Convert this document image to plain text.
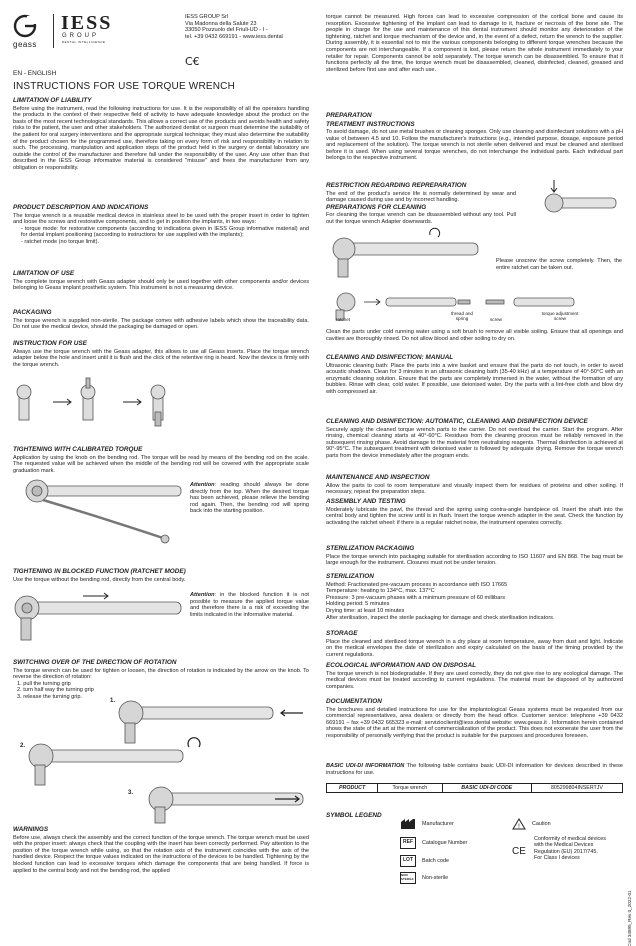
geass
IESS
GROUP
DENTAL INTELLIGENCE
IESS GROUP Srl
Via Madonna della Salute 23
33050 Pozzuolo del Friuli-UD - I -
tel. +39 0432 669191 - www.iess.dental
C€
EN - ENGLISH
INSTRUCTIONS FOR USE TORQUE WRENCH
LIMITATION OF LIABILITY

Before using the instrument, read the following instructions for use. It is the responsibility of all the operators handling the products in the context of their respective field of activity to have adequate knowledge about the product on the basis of the most recent technological standards. This allows a correct use of the products and avoids health and safety risks to the patient, the user and other stakeholders. The authorized dentist or surgeon must determine the suitability of the patient for oral surgery interventions and the appropriate surgical technique; they must also determine the suitability of the product chosen for the programmed use, therefore taking on every form of risk and responsibility in relation to such. The processing, manipulation and application steps of the product held in the surgery or dental laboratory are outside the control of the manufacturer and therefore fall under the responsibility of the user. Any use other than that described in the IESS Group informative material is considered "misuse" and frees the manufacturer from any obligation or responsibility.

PRODUCT DESCRIPTION AND INDICATIONS

The torque wrench is a reusable medical device in stainless steel to be used with the proper insert in order to tighten and loose the screws and restorative components, and to get in position the implants, in two ways:

- torque mode: for restorative components (according to indications given in IESS Group informative material) and for dental implant positioning (according to instructions for use supplied with the implants);

- ratchet mode (no torque limit).

LIMITATION OF USE

The complete torque wrench with Geass adapter should only be used together with other components and/or devices belonging to Geass implant prosthetic system. This instrument is not a measuring device.

PACKAGING

The torque wrench is supplied non-sterile. The package comes with adhesive labels which show the traceability data. Do not use the medical device, should the packaging be damaged or open.

INSTRUCTION FOR USE

Always use the torque wrench with the Geass adapter, this allows to use all Geass inserts. Place the torque wrench adapter below the hole and insert until it is flush and the click of the retentive ring is heard. Now the device is firmly with the torque wrench.

TIGHTENING WITH CALIBRATED TORQUE

Application by using the knob on the bending rod. The torque will be read by means of the bending rod on the scale. The requested value will be achieved when the middle of the bending rod will be covered with the appropriate scale graduation mark.

Attention: reading should always be done directly from the top. When the desired torque has been achieved, please relieve the bending rod again. Then, the bending rod will spring back into the starting position.

TIGHTENING IN BLOCKED FUNCTION (RATCHET MODE)

Use the torque without the bending rod, directly from the central body.

Attention: in the blocked function it is not possible to measure the applied torque value and therefore there is a risk of exceeding the limits indicated in the informative material.

SWITCHING OVER OF THE DIRECTION OF ROTATION

The torque wrench can be used for tighten or loosen, the direction of rotation is indicated by the arrow on the knob. To reverse the direction of rotation:

1. pull the turning grip

2. turn half way the turning grip

3. release the turning grip.

1.
2.
3.
WARNINGS

Before use, always check the assembly and the correct function of the torque wrench. The torque wrench must be used with the proper insert: always check that the coupling with the insert has been correctly performed. Pay attention to the position of the torque wrench while using, so that the rotation axis of the instrument coincides with the axis of the handled device. Respect the torque values indicated on the instructions of the devices to be handled. Tightening by the blocked function can lead to excessive torques which damage the components that are being handled. If force is applied to the central body and not the bending rod, the applied

torque cannot be measured. High forces can lead to excessive compression of the cortical bone and cause its resorption. Excessive tightening of the implant can lead to damage to it, fracture or necrosis of the bone site. The people in charge for the use and maintenance of this dental instrument should monitor any deterioration of the tightening, ratchet and torque mechanism of the device and, in the event of a defect, return the wrench to the supplier. During assembly, it is essential not to mix the various components belonging to different torque wrenches because the components are not interchangeable. If a component is lost, please return the whole instrument immediately to your retailer for repair. Components cannot be sold separately. The torque wrench can be disassembled. To ensure that it functions perfectly all the time, the torque wrench must be disassembled, cleaned, disinfected, cleaned, greased and sterilized before first use and after each use.

PREPARATION
TREATMENT INSTRUCTIONS

To avoid damage, do not use metal brushes or cleaning sponges. Only use cleaning and disinfectant solutions with a pH value of between 4.5 and 10. Follow the manufacturer's instructions (e.g., intended purpose, dosage, exposure period and replacement of the solution). The torque wrench is not sterile when delivered and must be cleaned and sterilised before it is used. When using several torque wrenches, do not interchange the individual parts. Each individual part belongs to the respective instrument.

RESTRICTION REGARDING REPREPARATION

The end of the product's service life is normally determined by wear and damage caused during use and by incorrect handling.

PREPARATIONS FOR CLEANING

For cleaning the torque wrench can be disassembled without any tool. Pull out the torque wrench Adapter downwards.

Please unscrew the screw completely. Then, the entire ratchet can be taken out.

ratchet
thread and spring	screw
torque adjustment screw

Clean the parts under cold running water using a soft brush to remove all visible soiling. Ensure that all openings and cavities are thoroughly rinsed. Do not allow blood and other soiling to dry on.

CLEANING AND DISINFECTION: MANUAL

Ultrasonic cleaning bath: Place the parts into a wire basket and ensure that the parts do not touch, in order to avoid acoustic shadows. Clean for 3 minutes in an ultrasonic cleaning bath (35-40 kHz) at a temperature of 40°-50°C with an enzymatic cleaning solution. Ensure that the parts are completely immersed in the water, without the formation of any bubbles. Rinse with clear, cold water. If possible, use deionised water. Dry the parts with a lint-free cloth and blow dry with compressed air.

CLEANING AND DISINFECTION: AUTOMATIC, CLEANING AND DISINFECTION DEVICE

Securely apply the cleaned torque wrench parts to the carrier. Do not overload the carrier. Start the program. After rinsing, chemical cleaning starts at 40°-60°C. Residues from the cleaning process must be reliably removed in the subsequent rinsing phase. Avoid damage to the material from neutralising reagents. Thermal disinfection is achieved at 90°-95°C. The subsequent treatment with deionised water is followed by adequate drying. Remove the torque wrench parts from the device immediately after the program ends.

MAINTENANCE AND INSPECTION

Allow the parts to cool to room temperature and visually inspect them for residues of proteins and other soiling. If necessary, repeat the preparation steps.

ASSEMBLY AND TESTING

Moderately lubricate the pawl, the thread and the spring using contra-angle handpiece oil. Insert the shaft into the central body and tighten the screw until is in flush. Insert the torque wrench adapter in the seat. Check the function by activating the ratchet wheel: if there is a regular ratchet noise, the instrument operates correctly.

STERILIZATION PACKAGING

Place the torque wrench into packaging suitable for sterilisation according to ISO 11607 and EN 868. The bag must be large enough for the instrument. Closures must not be under tension.

STERILIZATION

Method: Fractionated pre-vacuum process in accordance with ISO 17665

Temperature: heating to 134°C, max. 137°C

Pressure: 3 pre-vacuum phases with a minimum pressure of 60 millibars

Holding period: 5 minutes

Drying time: at least 10 minutes

After sterilisation, inspect the sterile packaging for damage and check sterilisation indicators.

STORAGE

Place the cleaned and sterilized torque wrench in a dry place at room temperature, away from dust and light. Indicate on the medical envelopes the date of sterilization and expiry calculated on the basis of the timing provided by the current regulations.

ECOLOGICAL INFORMATION AND ON DISPOSAL

The torque wrench is not biodegradable. If they are used correctly, they do not give rise to any ecological damage. The medical devices must be treated according to current regulations. The material must be disposed of by authorized companies.

DOCUMENTATION

The brochures and detailed instructions for use for the implantological Geass systems must be requested from our commercial representatives, area dealers or directly from the head office. Customer service: telephone +39 0432 669191 – fax +39 0432 665323 e-mail: servizioclienti@iess.dental website: www.geass.it . Information herein contained shows the state of the art at the moment of commercialization of the product. This does not exonerate the user from the responsibility of personally verifying that the product is suitable for the purposes and procedures foreseen.

BASIC UDI-DI INFORMATION The following table contains basic UDI-DI information for devices described in these instructions for use.

PRODUCT	Torque wrench	BASIC UDI-DI CODE	805299804INSERTJV
SYMBOL LEGEND
Manufacturer
REF	Catalogue Number
LOT	Batch code
NON STERILE	Non-sterile
!
Caution
CE
Conformity of medical devices with the Medical Devices Regulation (EU) 2017/745. For Class I devices
Cod 34895_Rev 0_2022-01
